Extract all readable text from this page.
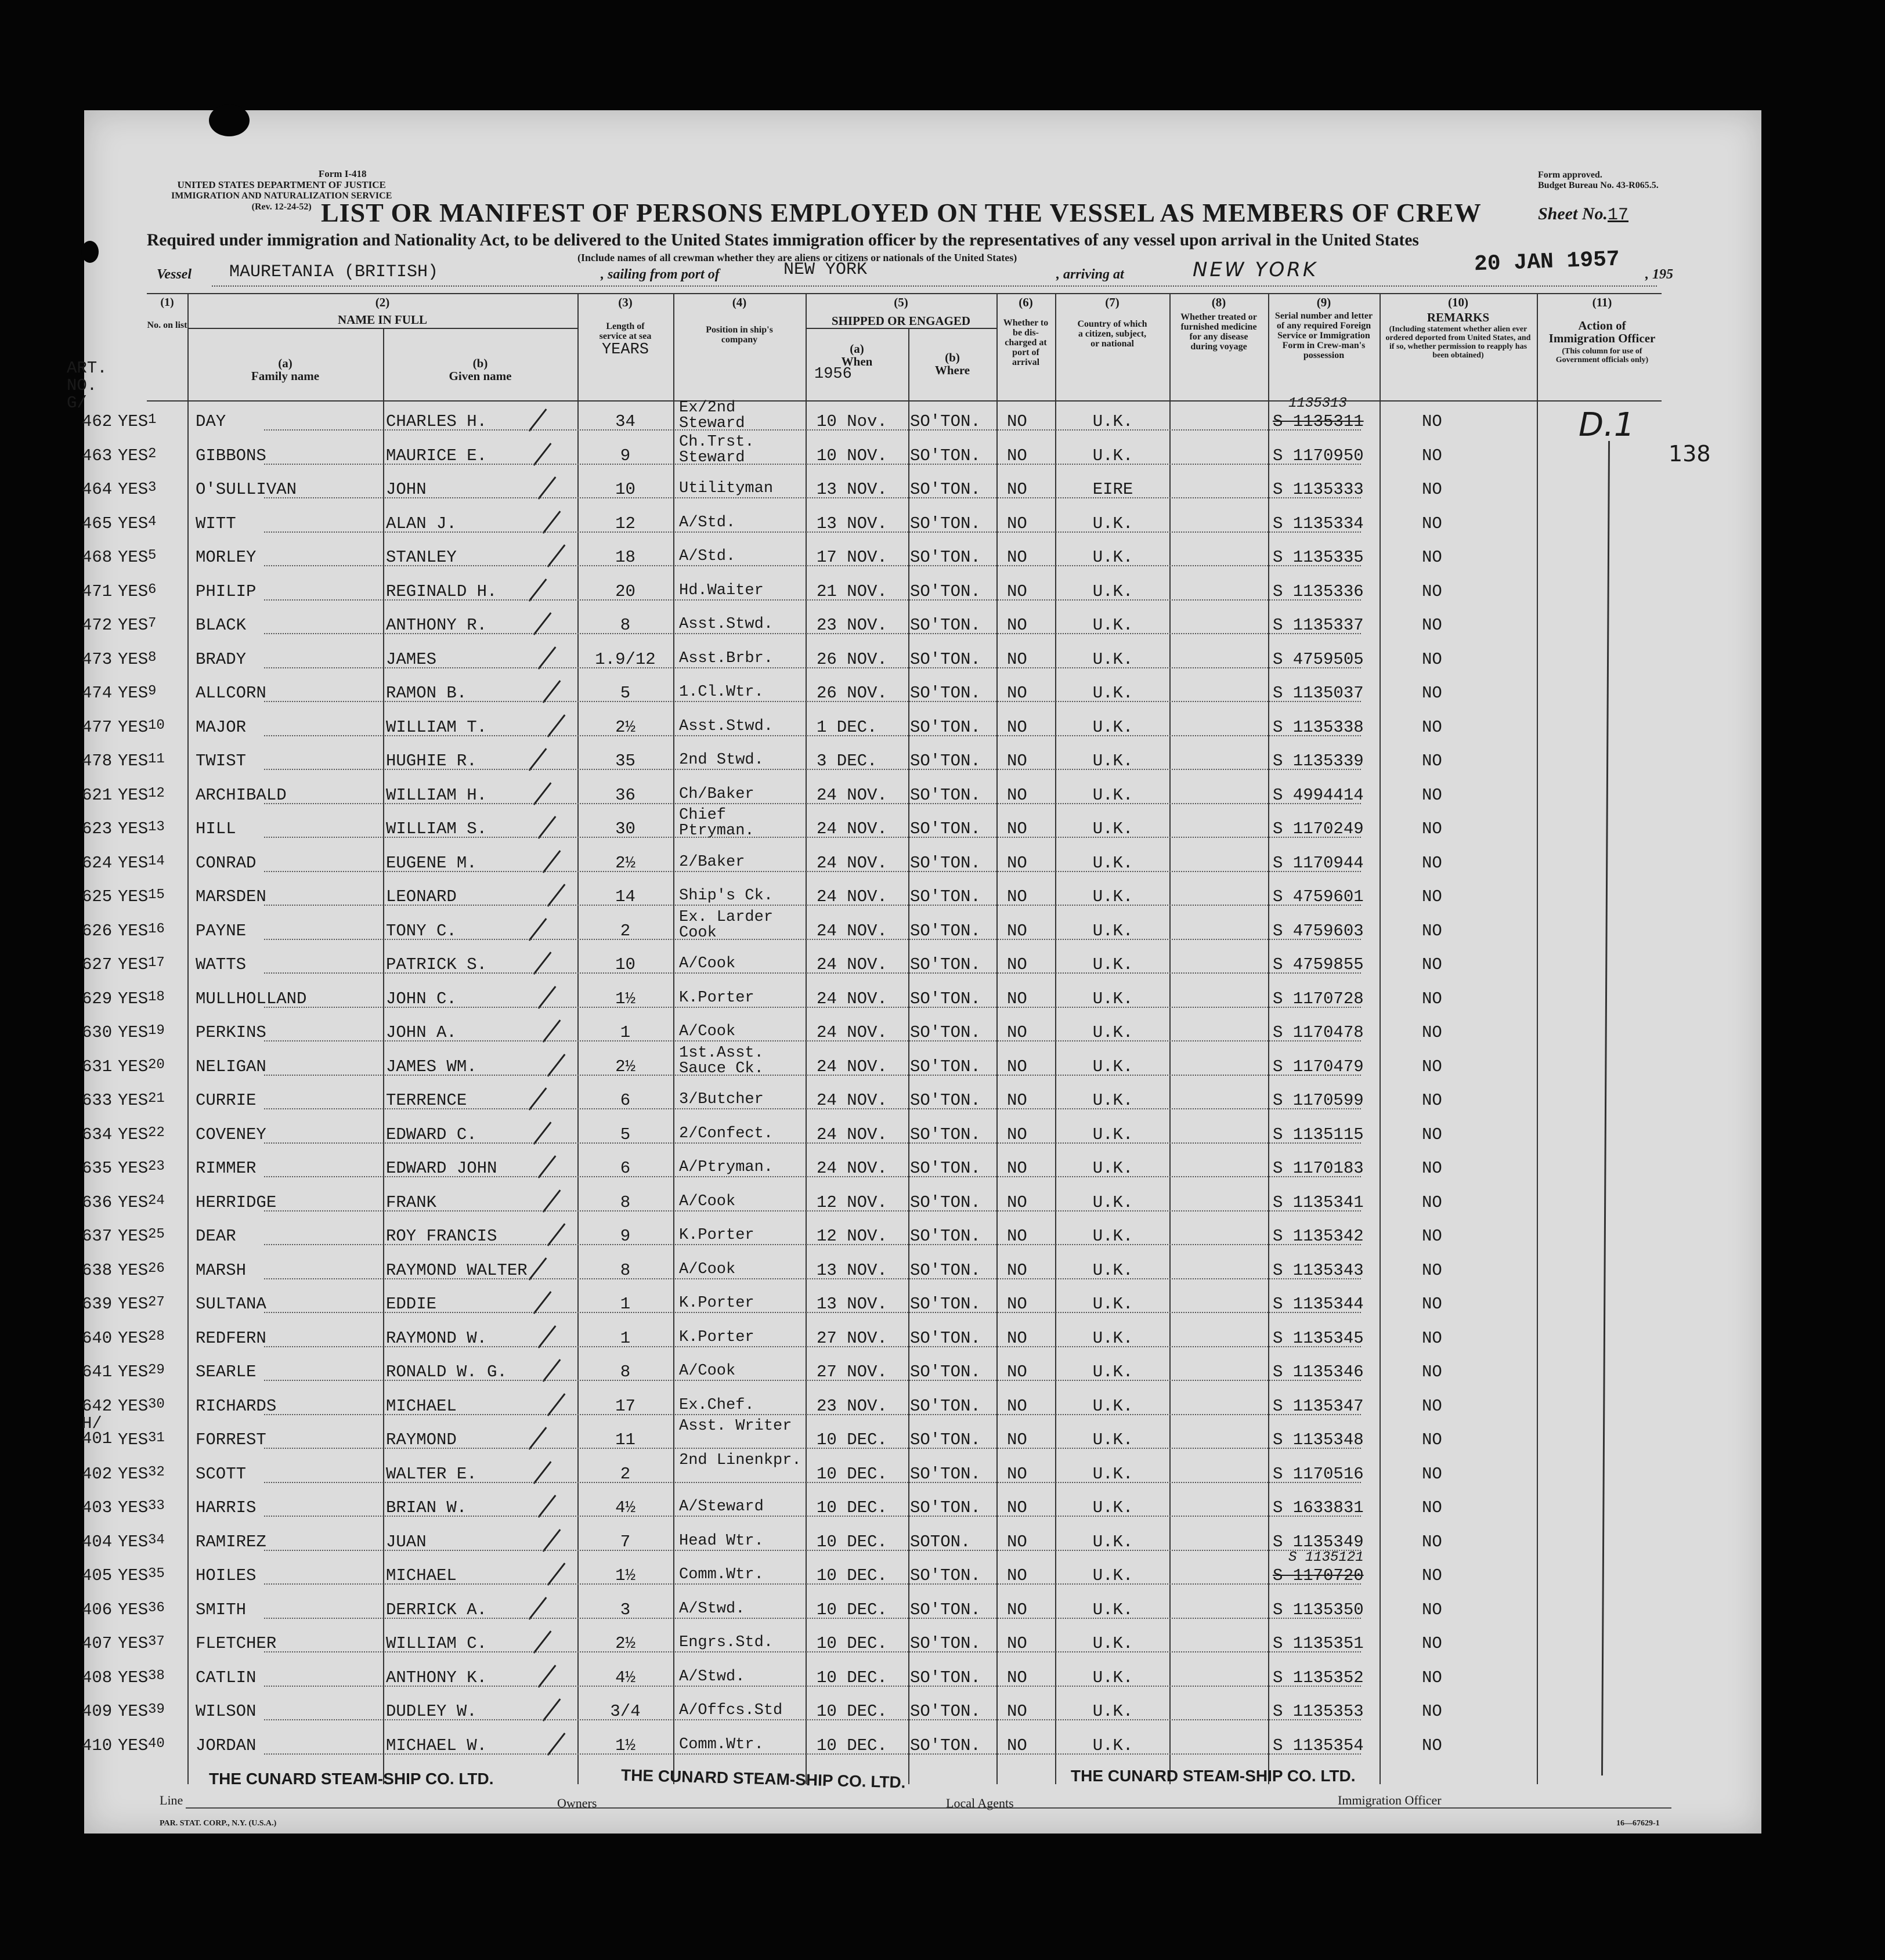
Form I-418
UNITED STATES DEPARTMENT OF JUSTICE
IMMIGRATION AND NATURALIZATION SERVICE
(Rev. 12-24-52)
Form approved.
Budget Bureau No. 43-R065.5.
LIST OR MANIFEST OF PERSONS EMPLOYED ON THE VESSEL AS MEMBERS OF CREW	Sheet No.17
Required under immigration and Nationality Act, to be delivered to the United States immigration officer by the representatives of any vessel upon arrival in the United States
(Include names of all crewman whether they are aliens or citizens or nationals of the United States)
Vessel MAURETANIA (BRITISH)	, sailing from port of	NEW YORK	, arriving at	NEW YORK	20 JAN 1957 , 195
(1)
No. on list
(2)
NAME IN FULL
(a)
Family name
(b)
Given name
(3)
Length of service at sea
YEARS
(4)
Position in ship's company
(5)
SHIPPED OR ENGAGED
(a)
When
1956
(b)
Where
(6)
Whether to be dis-charged at port of arrival
(7)
Country of which a citizen, subject, or national
(8)
Whether treated or furnished medicine for any disease during voyage
(9)
Serial number and letter of any required Foreign Service or Immigration Form in Crew-man's possession
(10)
REMARKS
(Including statement whether alien ever ordered deported from United States, and if so, whether permission to reapply has been obtained)
(11)
Action of Immigration Officer
(This column for use of Government officials only)
ART. NO. G/
462 YES 1 DAY	CHARLES H.	34
Ex/2nd Steward	10 Nov. SO'TON. NO	U.K.	S 1135311	NO
1135313
463 YES 2 GIBBONS	MAURICE E.	9
Ch.Trst. Steward	10 NOV. SO'TON. NO	U.K.	S 1170950	NO
464 YES 3 O'SULLIVAN	JOHN	10	Utilityman	13 NOV. SO'TON. NO	EIRE	S 1135333	NO
465 YES 4 WITT	ALAN J.	12	A/Std.	13 NOV. SO'TON. NO	U.K.	S 1135334	NO
468 YES 5 MORLEY	STANLEY	18	A/Std.	17 NOV. SO'TON. NO	U.K.	S 1135335	NO
471 YES 6 PHILIP	REGINALD H.	20	Hd.Waiter	21 NOV. SO'TON. NO	U.K.	S 1135336	NO
472 YES 7 BLACK	ANTHONY R.	8	Asst.Stwd.	23 NOV. SO'TON. NO	U.K.	S 1135337	NO
473 YES 8 BRADY	JAMES	1.9/12	Asst.Brbr.	26 NOV. SO'TON. NO	U.K.	S 4759505	NO
474 YES 9 ALLCORN	RAMON B.	5	1.Cl.Wtr.	26 NOV. SO'TON. NO	U.K.	S 1135037	NO
477 YES 10 MAJOR	WILLIAM T.	2½	Asst.Stwd.	1 DEC. SO'TON. NO	U.K.	S 1135338	NO
478 YES 11 TWIST	HUGHIE R.	35	2nd Stwd.	3 DEC. SO'TON. NO	U.K.	S 1135339	NO
621 YES 12 ARCHIBALD	WILLIAM H.	36	Ch/Baker	24 NOV. SO'TON. NO	U.K.	S 4994414	NO
623 YES 13 HILL	WILLIAM S.	30
Chief Ptryman.	24 NOV. SO'TON. NO	U.K.	S 1170249	NO
624 YES 14 CONRAD	EUGENE M.	2½	2/Baker	24 NOV. SO'TON. NO	U.K.	S 1170944	NO
625 YES 15 MARSDEN	LEONARD	14	Ship's Ck.	24 NOV. SO'TON. NO	U.K.	S 4759601	NO
626 YES 16 PAYNE	TONY C.	2
Ex. Larder Cook	24 NOV. SO'TON. NO	U.K.	S 4759603	NO
627 YES 17 WATTS	PATRICK S.	10	A/Cook	24 NOV. SO'TON. NO	U.K.	S 4759855	NO
629 YES 18 MULLHOLLAND	JOHN C.	1½	K.Porter	24 NOV. SO'TON. NO	U.K.	S 1170728	NO
630 YES 19 PERKINS	JOHN A.	1	A/Cook	24 NOV. SO'TON. NO	U.K.	S 1170478	NO
631 YES 20 NELIGAN	JAMES WM.	2½
1st.Asst. Sauce Ck.	24 NOV. SO'TON. NO	U.K.	S 1170479	NO
633 YES 21 CURRIE	TERRENCE	6	3/Butcher	24 NOV. SO'TON. NO	U.K.	S 1170599	NO
634 YES 22 COVENEY	EDWARD C.	5	2/Confect.	24 NOV. SO'TON. NO	U.K.	S 1135115	NO
635 YES 23 RIMMER	EDWARD JOHN	6	A/Ptryman.	24 NOV. SO'TON. NO	U.K.	S 1170183	NO
636 YES 24 HERRIDGE	FRANK	8	A/Cook	12 NOV. SO'TON. NO	U.K.	S 1135341	NO
637 YES 25 DEAR	ROY FRANCIS	9	K.Porter	12 NOV. SO'TON. NO	U.K.	S 1135342	NO
638 YES 26 MARSH	RAYMOND WALTER	8	A/Cook	13 NOV. SO'TON. NO	U.K.	S 1135343	NO
639 YES 27 SULTANA	EDDIE	1	K.Porter	13 NOV. SO'TON. NO	U.K.	S 1135344	NO
640 YES 28 REDFERN	RAYMOND W.	1	K.Porter	27 NOV. SO'TON. NO	U.K.	S 1135345	NO
641 YES 29 SEARLE	RONALD W. G.	8	A/Cook	27 NOV. SO'TON. NO	U.K.	S 1135346	NO
642 YES 30 RICHARDS	MICHAEL	17	Ex.Chef.	23 NOV. SO'TON. NO	U.K.	S 1135347	NO
H/ 401 YES 31 FORREST	RAYMOND	11
Asst. Writer
10 DEC. SO'TON. NO	U.K.	S 1135348	NO
402 YES 32 SCOTT	WALTER E.	2
2nd Linenkpr.
10 DEC. SO'TON. NO	U.K.	S 1170516	NO
403 YES 33 HARRIS	BRIAN W.	4½	A/Steward	10 DEC. SO'TON. NO	U.K.	S 1633831	NO
404 YES 34 RAMIREZ	JUAN	7	Head Wtr.	10 DEC. SOTON. NO	U.K.	S 1135349	NO
405 YES 35 HOILES	MICHAEL	1½	Comm.Wtr.	10 DEC. SO'TON. NO	U.K.	S 1170720	NO
S 1135121
406 YES 36 SMITH	DERRICK A.	3	A/Stwd.	10 DEC. SO'TON. NO	U.K.	S 1135350	NO
407 YES 37 FLETCHER	WILLIAM C.	2½	Engrs.Std.	10 DEC. SO'TON. NO	U.K.	S 1135351	NO
408 YES 38 CATLIN	ANTHONY K.	4½	A/Stwd.	10 DEC. SO'TON. NO	U.K.	S 1135352	NO
409 YES 39 WILSON	DUDLEY W.	3/4	A/Offcs.Std 10 DEC. SO'TON. NO	U.K.	S 1135353	NO
410 YES 40 JORDAN	MICHAEL W.	1½	Comm.Wtr.	10 DEC. SO'TON. NO	U.K.	S 1135354	NO
D.1
138
THE CUNARD STEAM-SHIP CO. LTD.	THE CUNARD STEAM-SHIP CO. LTD.	THE CUNARD STEAM-SHIP CO. LTD.
Line	Owners	Local Agents	Immigration Officer
PAR. STAT. CORP., N.Y. (U.S.A.)	16—67629-1
